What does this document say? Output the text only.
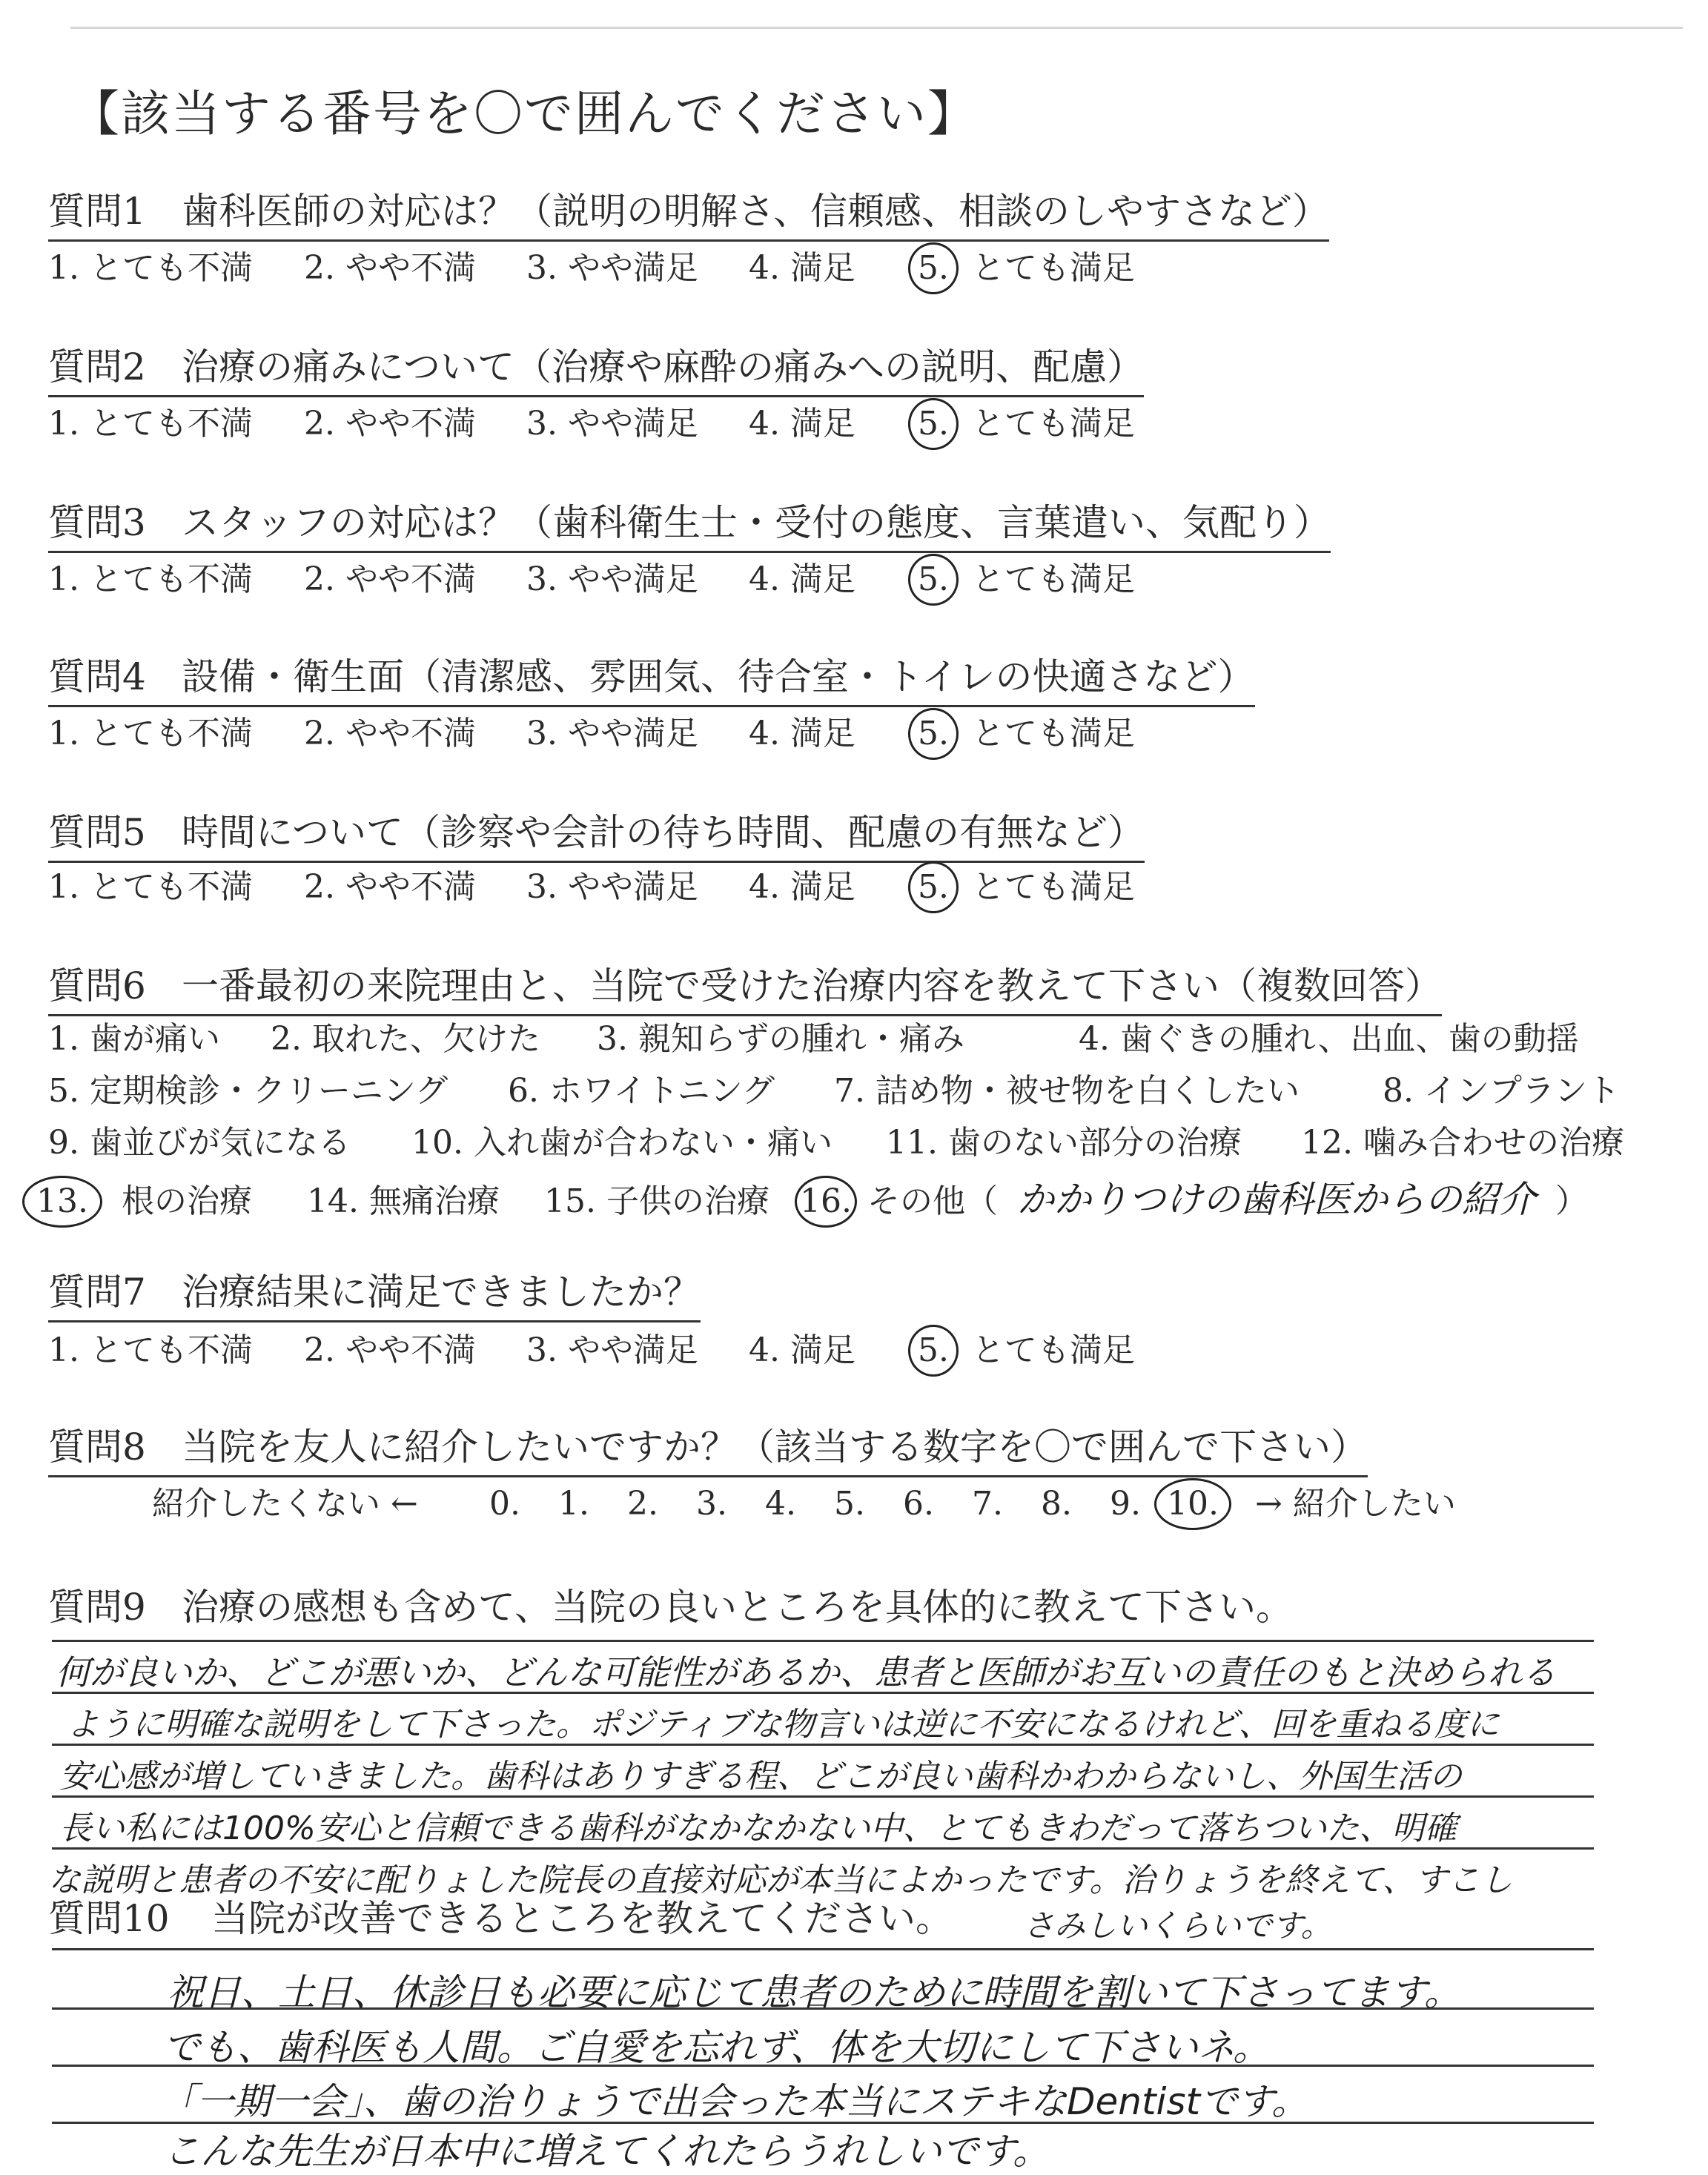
【該当する番号を〇で囲んでください】
質問1 歯科医師の対応は？（説明の明解さ、信頼感、相談のしやすさなど）
1. とても不満 2. やや不満 3. やや満足 4. 満足 5. とても満足
質問2 治療の痛みについて（治療や麻酔の痛みへの説明、配慮）
1. とても不満 2. やや不満 3. やや満足 4. 満足 5. とても満足
質問3 スタッフの対応は？（歯科衛生士・受付の態度、言葉遣い、気配り）
1. とても不満 2. やや不満 3. やや満足 4. 満足 5. とても満足
質問4 設備・衛生面（清潔感、雰囲気、待合室・トイレの快適さなど）
1. とても不満 2. やや不満 3. やや満足 4. 満足 5. とても満足
質問5 時間について（診察や会計の待ち時間、配慮の有無など）
1. とても不満 2. やや不満 3. やや満足 4. 満足 5. とても満足
質問6 一番最初の来院理由と、当院で受けた治療内容を教えて下さい（複数回答）
1. 歯が痛い 2. 取れた、欠けた 3. 親知らずの腫れ・痛み	4. 歯ぐきの腫れ、出血、歯の動揺
5. 定期検診・クリーニング 6. ホワイトニング 7. 詰め物・被せ物を白くしたい	8. インプラント
9. 歯並びが気になる 10. 入れ歯が合わない・痛い 11. 歯のない部分の治療 12. 噛み合わせの治療
13. 根の治療 14. 無痛治療 15. 子供の治療 16. その他（ かかりつけの歯科医からの紹介 ）
質問7 治療結果に満足できましたか？
1. とても不満 2. やや不満 3. やや満足 4. 満足 5. とても満足
質問8 当院を友人に紹介したいですか？（該当する数字を〇で囲んで下さい）
紹介したくない ← 0. 1. 2. 3. 4. 5. 6. 7. 8. 9. 10. → 紹介したい
質問9 治療の感想も含めて、当院の良いところを具体的に教えて下さい。
何が良いか、どこが悪いか、どんな可能性があるか、患者と医師がお互いの責任のもと決められる
ように明確な説明をして下さった。ポジティブな物言いは逆に不安になるけれど、回を重ねる度に
安心感が増していきました。歯科はありすぎる程、どこが良い歯科かわからないし、外国生活の
長い私には100%安心と信頼できる歯科がなかなかない中、とてもきわだって落ちついた、明確
な説明と患者の不安に配りょした院長の直接対応が本当によかったです。治りょうを終えて、すこし
質問10 当院が改善できるところを教えてください。 さみしいくらいです。
祝日、土日、休診日も必要に応じて患者のために時間を割いて下さってます。
でも、歯科医も人間。ご自愛を忘れず、体を大切にして下さいネ。
「一期一会」、歯の治りょうで出会った本当にステキなDentistです。
こんな先生が日本中に増えてくれたらうれしいです。
